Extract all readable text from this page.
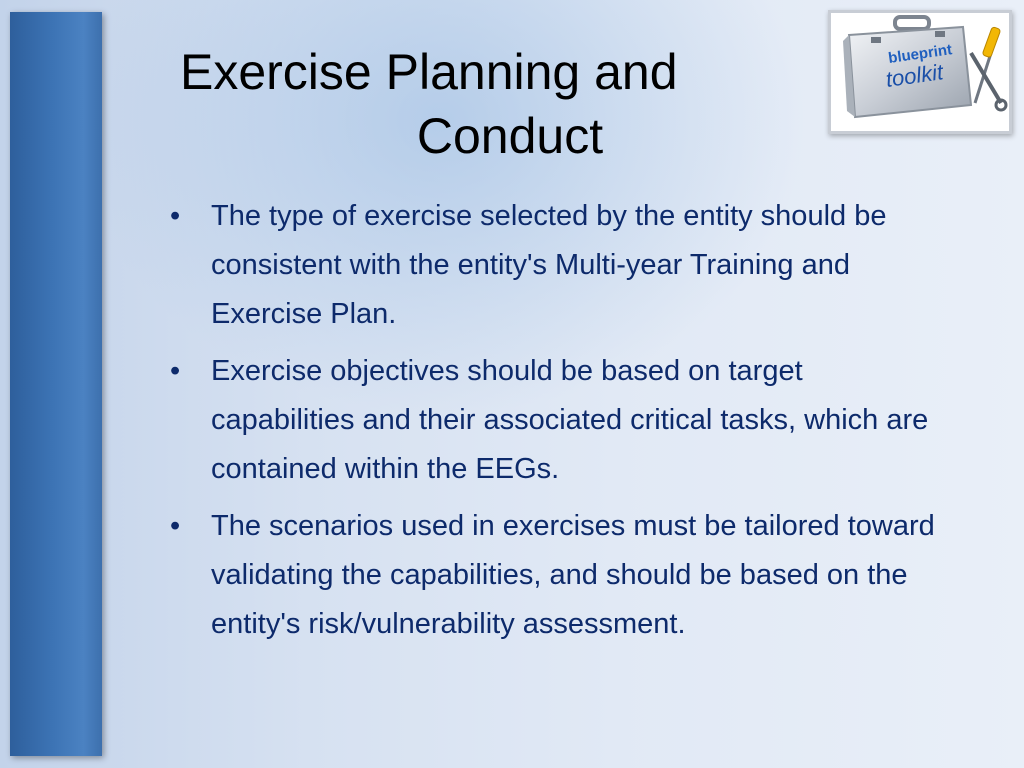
Exercise Planning and
Conduct
blueprint
toolkit
• The type of exercise selected by the entity should be consistent with the entity's Multi-year Training and Exercise Plan.
• Exercise objectives should be based on target capabilities and their associated critical tasks, which are contained within the EEGs.
• The scenarios used in exercises must be tailored toward validating the capabilities, and should be based on the entity's risk/vulnerability assessment.
